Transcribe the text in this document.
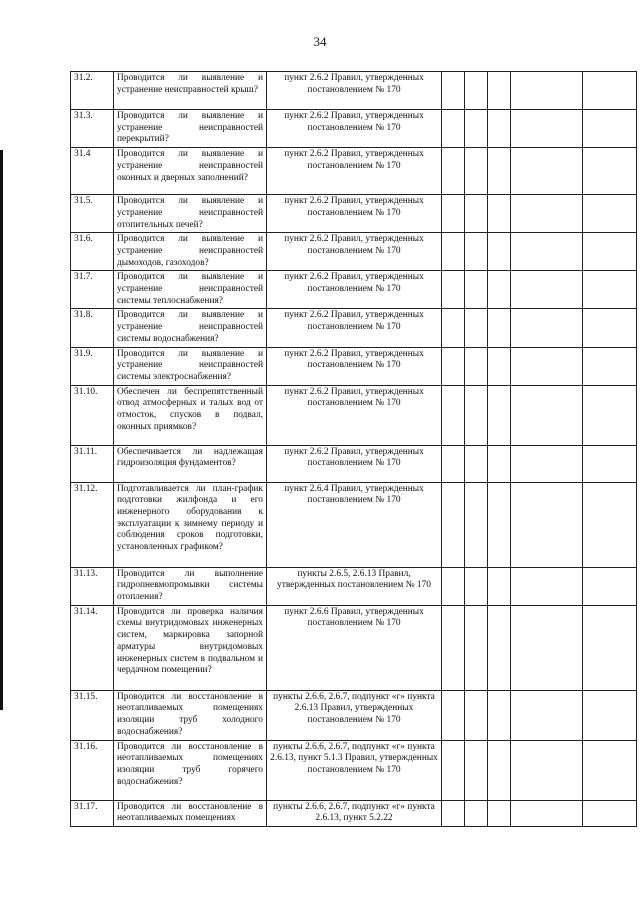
34
31.2.	Проводится ли выявление и устранение неисправностей крыш?	пункт 2.6.2 Правил, утвержденных постановлением № 170					
31.3.	Проводится ли выявление и устранение неисправностей перекрытий?	пункт 2.6.2 Правил, утвержденных постановлением № 170					
31.4	Проводится ли выявление и устранение неисправностей оконных и дверных заполнений?	пункт 2.6.2 Правил, утвержденных постановлением № 170					
31.5.	Проводится ли выявление и устранение неисправностей отопительных печей?	пункт 2.6.2 Правил, утвержденных постановлением № 170					
31.6.	Проводится ли выявление и устранение неисправностей дымоходов, газоходов?	пункт 2.6.2 Правил, утвержденных постановлением № 170					
31.7.	Проводится ли выявление и устранение неисправностей системы теплоснабжения?	пункт 2.6.2 Правил, утвержденных постановлением № 170					
31.8.	Проводится ли выявление и устранение неисправностей системы водоснабжения?	пункт 2.6.2 Правил, утвержденных постановлением № 170					
31.9.	Проводится ли выявление и устранение неисправностей системы электроснабжения?	пункт 2.6.2 Правил, утвержденных постановлением № 170					
31.10.	Обеспечен ли беспрепятственный отвод атмосферных и талых вод от отмосток, спусков в подвал, оконных приямков?	пункт 2.6.2 Правил, утвержденных постановлением № 170					
31.11.	Обеспечивается ли надлежащая гидроизоляция фундаментов?	пункт 2.6.2 Правил, утвержденных постановлением № 170					
31.12.	Подготавливается ли план-график подготовки жилфонда и его инженерного оборудования к эксплуатации к зимнему периоду и соблюдения сроков подготовки, установленных графиком?	пункт 2.6.4 Правил, утвержденных постановлением № 170					
31.13.	Проводится ли выполнение гидропневмопромывки системы отопления?	пункты 2.6.5, 2.6.13 Правил, утвержденных постановлением № 170					
31.14.	Проводится ли проверка наличия схемы внутридомовых инженерных систем, маркировка запорной арматуры внутридомовых инженерных систем в подвальном и чердачном помещении?	пункт 2.6.6 Правил, утвержденных постановлением № 170					
31.15.	Проводится ли восстановление в неотапливаемых помещениях изоляции труб холодного водоснабжения?	пункты 2.6.6, 2.6.7, подпункт «г» пункта 2.6.13 Правил, утвержденных постановлением № 170					
31.16.	Проводится ли восстановление в неотапливаемых помещениях изоляции труб горячего водоснабжения?	пункты 2.6.6, 2.6.7, подпункт «г» пункта 2.6.13, пункт 5.1.3 Правил, утвержденных постановлением № 170					
31.17.	Проводится ли восстановление в неотапливаемых помещениях	пункты 2.6.6, 2.6.7, подпункт «г» пункта 2.6.13, пункт 5.2.22					
